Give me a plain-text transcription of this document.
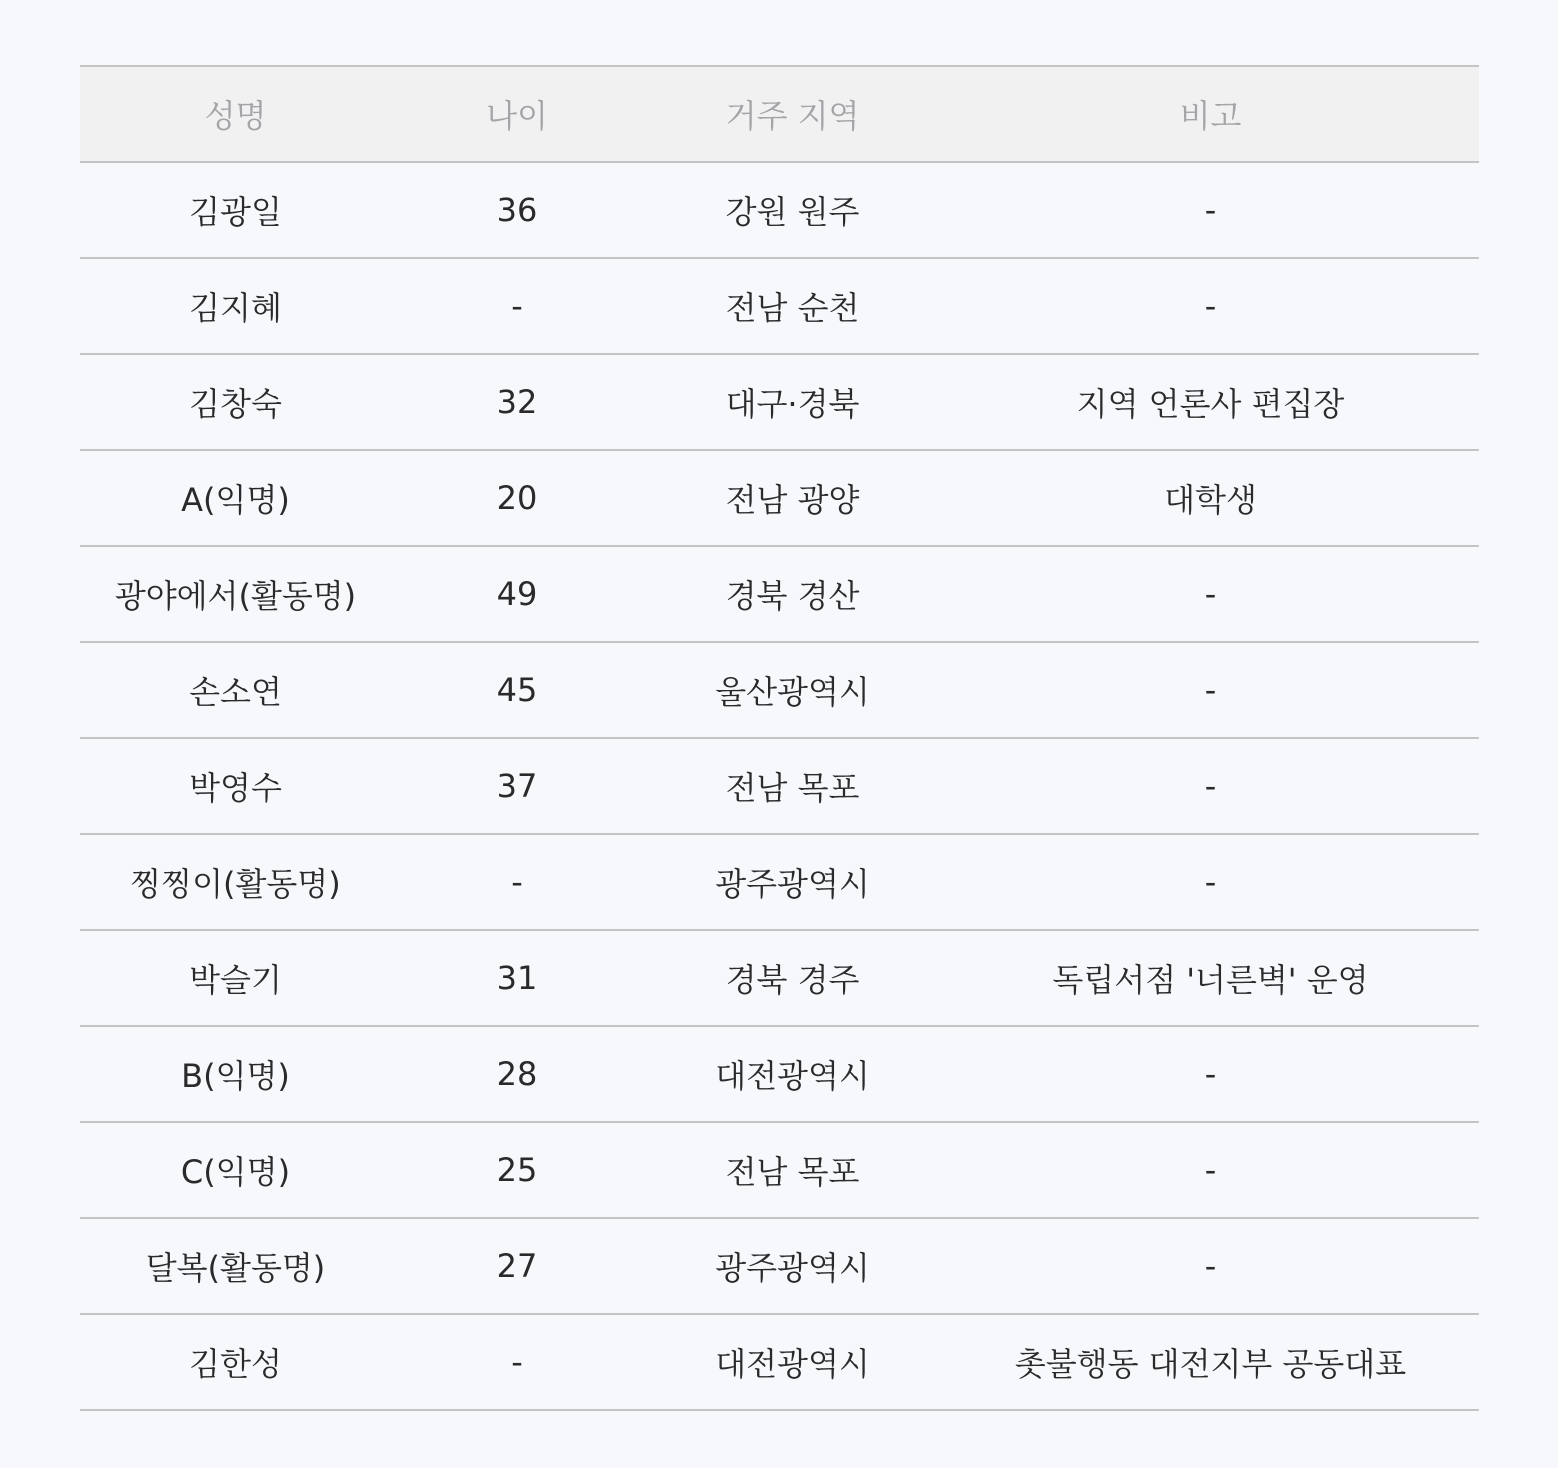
성명	나이	거주 지역	비고
김광일	36	강원 원주	-
김지혜	-	전남 순천	-
김창숙	32	대구·경북	지역 언론사 편집장
A(익명)	20	전남 광양	대학생
광야에서(활동명)	49	경북 경산	-
손소연	45	울산광역시	-
박영수	37	전남 목포	-
찡찡이(활동명)	-	광주광역시	-
박슬기	31	경북 경주	독립서점 '너른벽' 운영
B(익명)	28	대전광역시	-
C(익명)	25	전남 목포	-
달복(활동명)	27	광주광역시	-
김한성	-	대전광역시	촛불행동 대전지부 공동대표
